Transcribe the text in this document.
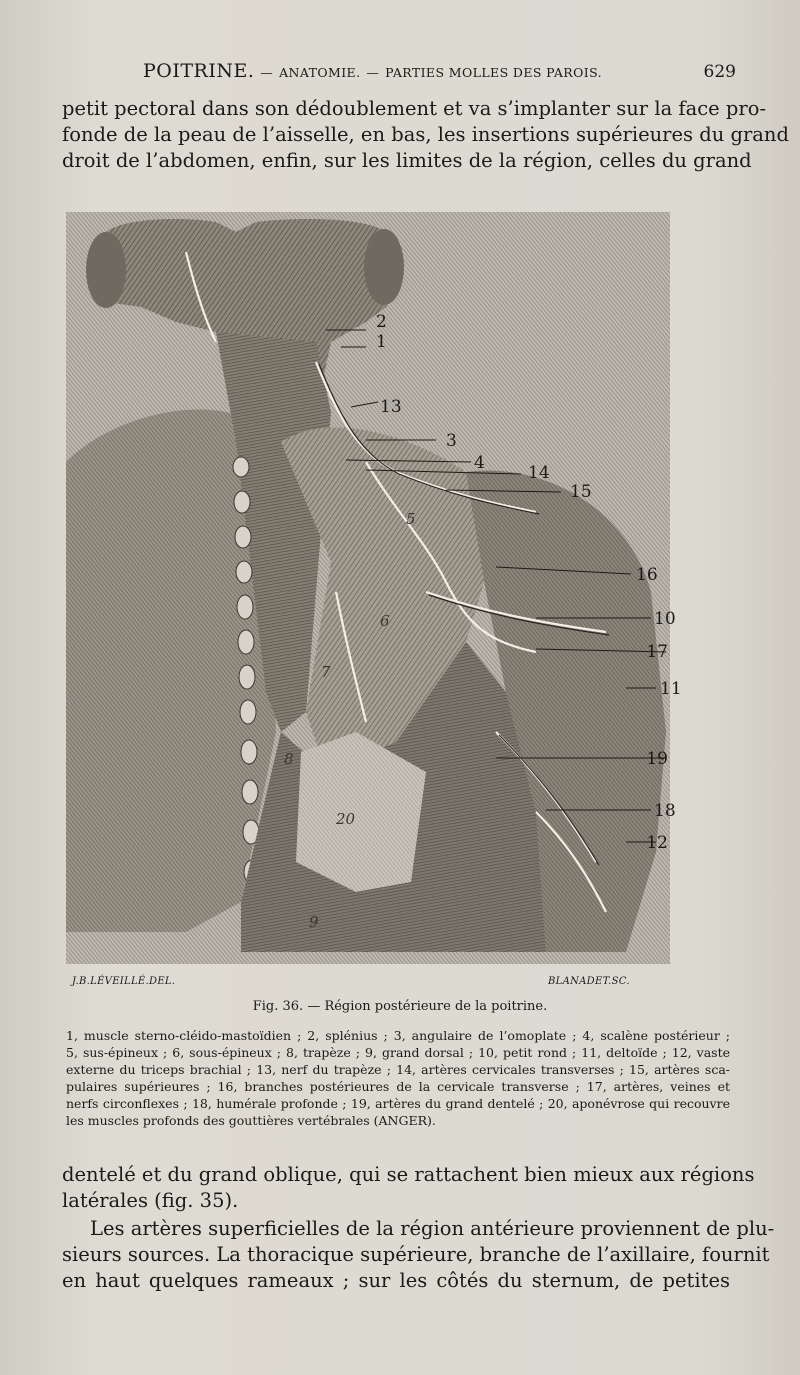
POITRINE. — ANATOMIE. — PARTIES MOLLES DES PAROIS.	629
petit pectoral dans son dédoublement et va s’implanter sur la face pro-
fonde de la peau de l’aisselle, en bas, les insertions supérieures du grand
droit de l’abdomen, enfin, sur les limites de la région, celles du grand
2
1
13
3
4	14
15
16
10
17
11
19
18
12
5
6
7
8
9
20
J.B.LÉVEILLÉ.DEL.	BLANADET.SC.
Fig. 36. — Région postérieure de la poitrine.
1, muscle sterno-cléido-mastoïdien ; 2, splénius ; 3, angulaire de l’omoplate ; 4, scalène postérieur ;
5, sus-épineux ; 6, sous-épineux ; 8, trapèze ; 9, grand dorsal ; 10, petit rond ; 11, deltoïde ; 12, vaste
externe du triceps brachial ; 13, nerf du trapèze ; 14, artères cervicales transverses ; 15, artères sca-
pulaires supérieures ; 16, branches postérieures de la cervicale transverse ; 17, artères, veines et
nerfs circonflexes ; 18, humérale profonde ; 19, artères du grand dentelé ; 20, aponévrose qui recouvre
les muscles profonds des gouttières vertébrales (ANGER).
dentelé et du grand oblique, qui se rattachent bien mieux aux régions
latérales (fig. 35).
Les artères superficielles de la région antérieure proviennent de plu-
sieurs sources. La thoracique supérieure, branche de l’axillaire, fournit
en haut quelques rameaux ; sur les côtés du sternum, de petites
